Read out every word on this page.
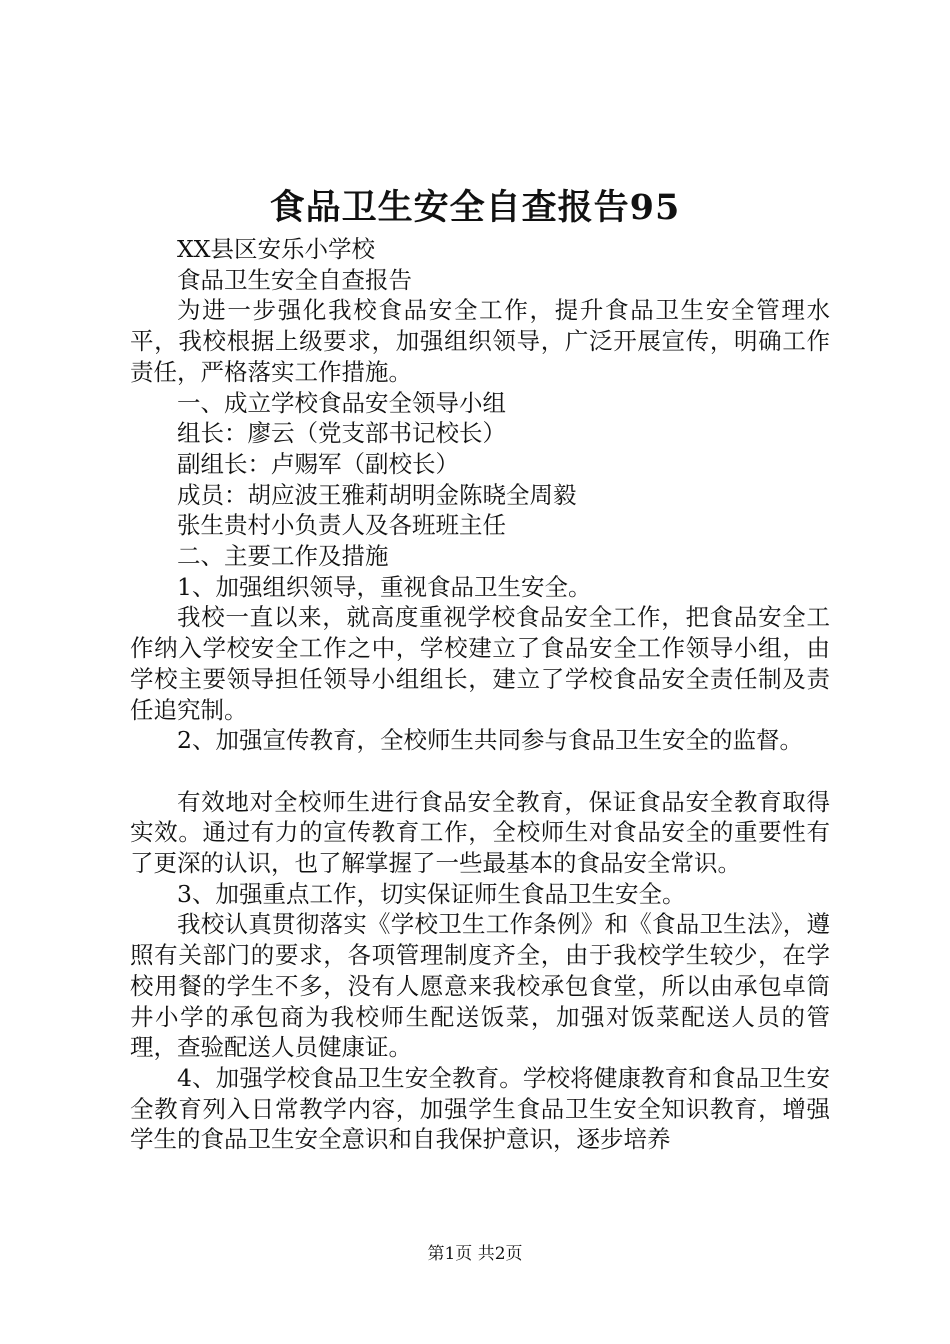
食品卫生安全自查报告95

XX县区安乐小学校

食品卫生安全自查报告

为进一步强化我校食品安全工作，提升食品卫生安全管理水平，我校根据上级要求，加强组织领导，广泛开展宣传，明确工作责任，严格落实工作措施。

一、成立学校食品安全领导小组

组长：廖云（党支部书记校长）

副组长：卢赐军（副校长）

成员：胡应波王雅莉胡明金陈晓全周毅

张生贵村小负责人及各班班主任

二、主要工作及措施

1、加强组织领导，重视食品卫生安全。

我校一直以来，就高度重视学校食品安全工作，把食品安全工作纳入学校安全工作之中，学校建立了食品安全工作领导小组，由学校主要领导担任领导小组组长，建立了学校食品安全责任制及责任追究制。

2、加强宣传教育，全校师生共同参与食品卫生安全的监督。

有效地对全校师生进行食品安全教育，保证食品安全教育取得实效。通过有力的宣传教育工作，全校师生对食品安全的重要性有了更深的认识，也了解掌握了一些最基本的食品安全常识。

3、加强重点工作，切实保证师生食品卫生安全。

我校认真贯彻落实《学校卫生工作条例》和《食品卫生法》，遵照有关部门的要求，各项管理制度齐全，由于我校学生较少，在学校用餐的学生不多，没有人愿意来我校承包食堂，所以由承包卓筒井小学的承包商为我校师生配送饭菜，加强对饭菜配送人员的管理，查验配送人员健康证。

4、加强学校食品卫生安全教育。学校将健康教育和食品卫生安全教育列入日常教学内容，加强学生食品卫生安全知识教育，增强学生的食品卫生安全意识和自我保护意识，逐步培养

第1页 共2页
